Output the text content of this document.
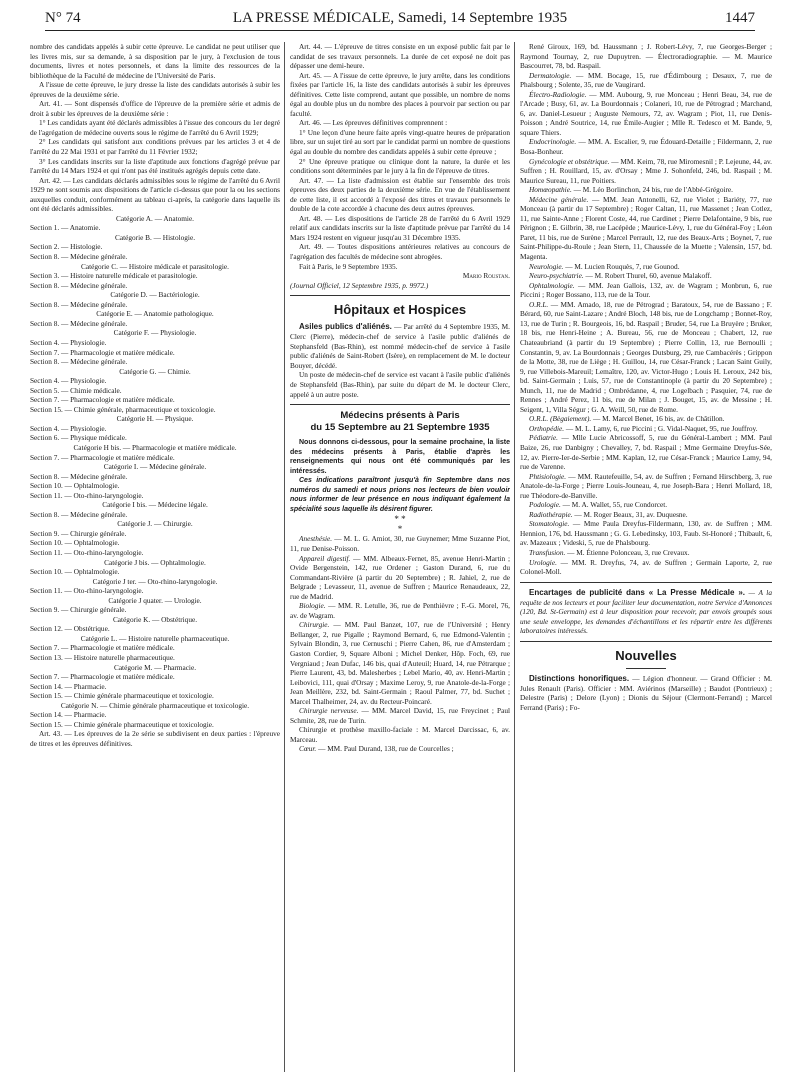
N° 74	LA PRESSE MÉDICALE, Samedi, 14 Septembre 1935	1447

nombre des candidats appelés à subir cette épreuve. Le candidat ne peut utiliser que les livres mis, sur sa demande, à sa disposition par le jury, à l'exclusion de tous documents, livres et notes personnels, et dans la limite des ressources de la bibliothèque de la Faculté de médecine de l'Université de Paris.

A l'issue de cette épreuve, le jury dresse la liste des candidats autorisés à subir les épreuves de la deuxième série.

Art. 41. — Sont dispensés d'office de l'épreuve de la première série et admis de droit à subir les épreuves de la deuxième série :

1° Les candidats ayant été déclarés admissibles à l'issue des concours du 1er degré de l'agrégation de médecine ouverts sous le régime de l'arrêté du 6 Avril 1929;

2° Les candidats qui satisfont aux conditions prévues par les articles 3 et 4 de l'arrêté du 22 Mai 1931 et par l'arrêté du 11 Février 1932;

3° Les candidats inscrits sur la liste d'aptitude aux fonctions d'agrégé prévue par l'arrêté du 14 Mars 1924 et qui n'ont pas été institués agrégés depuis cette date.

Art. 42. — Les candidats déclarés admissibles sous le régime de l'arrêté du 6 Avril 1929 ne sont soumis aux dispositions de l'article ci-dessus que pour la ou les sections auxquelles conduit, conformément au tableau ci-après, la catégorie dans laquelle ils ont été déclarés admissibles.

Catégorie A. — Anatomie.

Section 1. — Anatomie.

Catégorie B. — Histologie.

Section 2. — Histologie.

Section 8. — Médecine générale.

Catégorie C. — Histoire médicale et parasitologie.

Section 3. — Histoire naturelle médicale et parasitologie.

Section 8. — Médecine générale.

Catégorie D. — Bactériologie.

Section 8. — Médecine générale.

Catégorie E. — Anatomie pathologique.

Section 8. — Médecine générale.

Catégorie F. — Physiologie.

Section 4. — Physiologie.

Section 7. — Pharmacologie et matière médicale.

Section 8. — Médecine générale.

Catégorie G. — Chimie.

Section 4. — Physiologie.

Section 5. — Chimie médicale.

Section 7. — Pharmacologie et matière médicale.

Section 15. — Chimie générale, pharmaceutique et toxicologie.

Catégorie H. — Physique.

Section 4. — Physiologie.

Section 6. — Physique médicale.

Catégorie H bis. — Pharmacologie et matière médicale.

Section 7. — Pharmacologie et matière médicale.

Catégorie I. — Médecine générale.

Section 8. — Médecine générale.

Section 10. — Ophtalmologie.

Section 11. — Oto-rhino-laryngologie.

Catégorie I bis. — Médecine légale.

Section 8. — Médecine générale.

Catégorie J. — Chirurgie.

Section 9. — Chirurgie générale.

Section 10. — Ophtalmologie.

Section 11. — Oto-rhino-laryngologie.

Catégorie J bis. — Ophtalmologie.

Section 10. — Ophtalmologie.

Catégorie J ter. — Oto-rhino-laryngologie.

Section 11. — Oto-rhino-laryngologie.

Catégorie J quater. — Urologie.

Section 9. — Chirurgie générale.

Catégorie K. — Obstétrique.

Section 12. — Obstétrique.

Catégorie L. — Histoire naturelle pharmaceutique.

Section 7. — Pharmacologie et matière médicale.

Section 13. — Histoire naturelle pharmaceutique.

Catégorie M. — Pharmacie.

Section 7. — Pharmacologie et matière médicale.

Section 14. — Pharmacie.

Section 15. — Chimie générale pharmaceutique et toxicologie.

Catégorie N. — Chimie générale pharmaceutique et toxicologie.

Section 14. — Pharmacie.

Section 15. — Chimie générale pharmaceutique et toxicologie.

Art. 43. — Les épreuves de la 2e série se subdivisent en deux parties : l'épreuve de titres et les épreuves définitives.

Art. 44. — L'épreuve de titres consiste en un exposé public fait par le candidat de ses travaux personnels. La durée de cet exposé ne doit pas dépasser une demi-heure.

Art. 45. — A l'issue de cette épreuve, le jury arrête, dans les conditions fixées par l'article 16, la liste des candidats autorisés à subir les épreuves définitives. Cette liste comprend, autant que possible, un nombre de noms égal au double plus un du nombre des places à pourvoir par section ou par faculté.

Art. 46. — Les épreuves définitives comprennent :

1° Une leçon d'une heure faite après vingt-quatre heures de préparation libre, sur un sujet tiré au sort par le candidat parmi un nombre de questions égal au double du nombre des candidats appelés à subir cette épreuve ;

2° Une épreuve pratique ou clinique dont la nature, la durée et les conditions sont déterminées par le jury à la fin de l'épreuve de titres.

Art. 47. — La liste d'admission est établie sur l'ensemble des trois épreuves des deux parties de la deuxième série. En vue de l'établissement de cette liste, il est accordé à l'exposé des titres et travaux personnels le double de la cote accordée à chacune des deux autres épreuves.

Art. 48. — Les dispositions de l'article 28 de l'arrêté du 6 Avril 1929 relatif aux candidats inscrits sur la liste d'aptitude prévue par l'arrêté du 14 Mars 1924 restent en vigueur jusqu'au 31 Décembre 1935.

Art. 49. — Toutes dispositions antérieures relatives au concours de l'agrégation des facultés de médecine sont abrogées.

Fait à Paris, le 9 Septembre 1935.

Mario Roustan.

(Journal Officiel, 12 Septembre 1935, p. 9972.)

Hôpitaux et Hospices

Asiles publics d'aliénés. — Par arrêté du 4 Septembre 1935, M. Clerc (Pierre), médecin-chef de service à l'asile public d'aliénés de Stephansfeld (Bas-Rhin), est nommé médecin-chef de service à l'asile public d'aliénés de Saint-Robert (Isère), en remplacement de M. le docteur Bouyer, décédé.

Un poste de médecin-chef de service est vacant à l'asile public d'aliénés de Stephansfeld (Bas-Rhin), par suite du départ de M. le docteur Clerc, appelé à un autre poste.

Médecins présents à Paris
du 15 Septembre au 21 Septembre 1935

Nous donnons ci-dessous, pour la semaine prochaine, la liste des médecins présents à Paris, établie d'après les renseignements qui nous ont été communiqués par les intéressés.

Ces indications paraîtront jusqu'à fin Septembre dans nos numéros du samedi et nous prions nos lecteurs de bien vouloir nous informer de leur présence en nous indiquant également la spécialité sous laquelle ils désirent figurer.

* *
*

Anesthésie. — M. L. G. Amiot, 30, rue Guynemer; Mme Suzanne Piot, 11, rue Denise-Poisson.

Appareil digestif. — MM. Albeaux-Fernet, 85, avenue Henri-Martin ; Ovide Bergenstein, 142, rue Ordener ; Gaston Durand, 6, rue du Commandant-Rivière (à partir du 20 Septembre) ; R. Jahiel, 2, rue de Belgrade ; Levasseur, 11, avenue de Suffren ; Maurice Renaudeaux, 22, rue de Madrid.

Biologie. — MM. R. Letulle, 36, rue de Penthièvre ; F.-G. Morel, 76, av. de Wagram.

Chirurgie. — MM. Paul Banzet, 107, rue de l'Université ; Henry Bellanger, 2, rue Pigalle ; Raymond Bernard, 6, rue Edmond-Valentin ; Sylvain Blondin, 3, rue Cernuschi ; Pierre Cahen, 86, rue d'Amsterdam ; Gaston Cordier, 9, Square Alboni ; Michel Denker, Hôp. Foch, 69, rue Vergniaud ; Jean Dufac, 146 bis, quai d'Auteuil; Huard, 14, rue Pétrarque ; Pierre Laurent, 43, bd. Malesherbes ; Lebel Mario, 40, av. Henri-Martin ; Leibovici, 111, quai d'Orsay ; Maxime Leroy, 9, rue Anatole-de-la-Forge ; Jean Meillère, 232, bd. Saint-Germain ; Raoul Palmer, 77, bd. Suchet ; Marcel Thalheimer, 24, av. du Recteur-Poincaré.

Chirurgie nerveuse. — MM. Marcel David, 15, rue Freycinet ; Paul Schmite, 28, rue de Turin.

Chirurgie et prothèse maxillo-faciale : M. Marcel Darcissac, 6, av. Marceau.

Cœur. — MM. Paul Durand, 138, rue de Courcelles ;

René Giroux, 169, bd. Haussmann ; J. Robert-Lévy, 7, rue Georges-Berger ; Raymond Tournay, 2, rue Dupuytren. — Électroradiographie. — M. Maurice Bascourret, 78, bd. Raspail.

Dermatologie. — MM. Bocage, 15, rue d'Édimbourg ; Desaux, 7, rue de Phalsbourg ; Solente, 35, rue de Vaugirard.

Électro-Radiologie. — MM. Aubourg, 9, rue Monceau ; Henri Beau, 34, rue de l'Arcade ; Busy, 61, av. La Bourdonnais ; Colaneri, 10, rue de Pétrograd ; Marchand, 6, av. Daniel-Lesueur ; Auguste Nemours, 72, av. Wagram ; Piot, 11, rue Denis-Poisson ; André Soutrice, 14, rue Émile-Augier ; Mlle R. Tedesco et M. Bande, 9, square Thiers.

Endocrinologie. — MM. A. Escalier, 9, rue Édouard-Detaille ; Fildermann, 2, rue Bosa-Bonheur.

Gynécologie et obstétrique. — MM. Keim, 78, rue Miromesnil ; P. Lejeune, 44, av. Suffren ; H. Rouillard, 15, av. d'Orsay ; Mme J. Sohonfeld, 246, bd. Raspail ; M. Maurice Sureau, 11, rue Poitiers.

Homœopathie. — M. Léo Borlinchon, 24 bis, rue de l'Abbé-Grégoire.

Médecine générale. — MM. Jean Antonelli, 62, rue Violet ; Bariéty, 77, rue Monceau (à partir du 17 Septembre) ; Roger Caltan, 11, rue Massenet ; Jean Cotlez, 11, rue Sainte-Anne ; Florent Coste, 44, rue Cardinet ; Pierre Delafontaine, 9 bis, rue Pérignon ; E. Gilbrin, 38, rue Lacépède ; Maurice-Lévy, 1, rue du Général-Foy ; Léon Paret, 11 bis, rue de Surène ; Marcel Perrault, 12, rue des Beaux-Arts ; Boynet, 7, rue Saint-Philippe-du-Roule ; Jean Stern, 11, Chaussée de la Muette ; Valensin, 157, bd. Magenta.

Neurologie. — M. Lucien Rouquès, 7, rue Gounod.

Neuro-psychiatrie. — M. Robert Thurel, 60, avenue Malakoff.

Ophtalmologie. — MM. Jean Gallois, 132, av. de Wagram ; Monbrun, 6, rue Piccini ; Roger Bossano, 113, rue de la Tour.

O.R.L. — MM. Amado, 18, rue de Pétrograd ; Baratoux, 54, rue de Bassano ; F. Bérard, 60, rue Saint-Lazare ; André Bloch, 148 bis, rue de Longchamp ; Bonnet-Roy, 13, rue de Turin ; R. Bourgeois, 16, bd. Raspail ; Bruder, 54, rue La Bruyère ; Bruker, 18 bis, rue Henri-Heine ; A. Bureau, 56, rue de Monceau ; Chabert, 12, rue Chateaubriand (à partir du 19 Septembre) ; Pierre Collin, 13, rue Bernoulli ; Constantin, 9, av. La Bourdonnais ; Georges Dutsburg, 29, rue Cambacérès ; Grippon de la Motte, 38, rue de Liège ; H. Guillou, 14, rue César-Franck ; Lacan Saint Guily, 9, rue Villebois-Mareuil; Lemaître, 120, av. Victor-Hugo ; Louis H. Leroux, 242 bis, bd. Saint-Germain ; Luis, 57, rue de Constantinople (à partir du 20 Septembre) ; Munch, 11, rue de Madrid ; Ombrédanne, 4, rue Logelbach ; Pasquier, 74, rue de Rennes ; André Perez, 11 bis, rue de Milan ; J. Bouget, 15, av. de Messine ; H. Seigent, 1, Villa Ségur ; G. A. Weill, 50, rue de Rome.

O.R.L. (Bègaiement). — M. Marcel Benet, 16 bis, av. de Châtillon.

Orthopédie. — M. L. Lamy, 6, rue Piccini ; G. Vidal-Naquet, 95, rue Jouffroy.

Pédiatrie. — Mlle Lucie Abricossoff, 5, rue du Général-Lambert ; MM. Paul Baize, 26, rue Danbigny ; Chevalley, 7, bd. Raspail ; Mme Germaine Dreyfus-Sée, 12, av. Pierre-Ier-de-Serbie ; MM. Kaplan, 12, rue César-Franck ; Maurice Lamy, 94, rue de Varenne.

Phtisiologie. — MM. Rautefeuille, 54, av. de Suffren ; Fernand Hirschberg, 3, rue Anatole-de-la-Forge ; Pierre Louis-Jouneau, 4, rue Joseph-Bara ; Henri Mollard, 18, rue Théodore-de-Banville.

Podologie. — M. A. Wallet, 55, rue Condorcet.

Radiothérapie. — M. Roger Beaux, 31, av. Duquesne.

Stomatologie. — Mme Paula Dreyfus-Fildermann, 130, av. de Suffren ; MM. Hennion, 176, bd. Haussmann ; G. G. Lebedinsky, 103, Faub. St-Honoré ; Thibault, 6, av. Mazeaux ; Videski, 5, rue de Phalsbourg.

Transfusion. — M. Étienne Polonceau, 3, rue Crevaux.

Urologie. — MM. R. Dreyfus, 74, av. de Suffren ; Germain Laporte, 2, rue Colonel-Moll.

Encartages de publicité dans « La Presse Médicale ». — A la requête de nos lecteurs et pour faciliter leur documentation, notre Service d'Annonces (120, Bd. St-Germain) est à leur disposition pour recevoir, par envois groupés sous une seule enveloppe, les demandes d'échantillons et les répartir entre les différents laboratoires intéressés.

Nouvelles

Distinctions honorifiques. — Légion d'honneur. — Grand Officier : M. Jules Renault (Paris). Officier : MM. Aviérinos (Marseille) ; Baudot (Pontrieux) ; Delestre (Paris) ; Delore (Lyon) ; Dionis du Séjour (Clermont-Ferrand) ; Marcel Ferrand (Paris) ; Fo-
